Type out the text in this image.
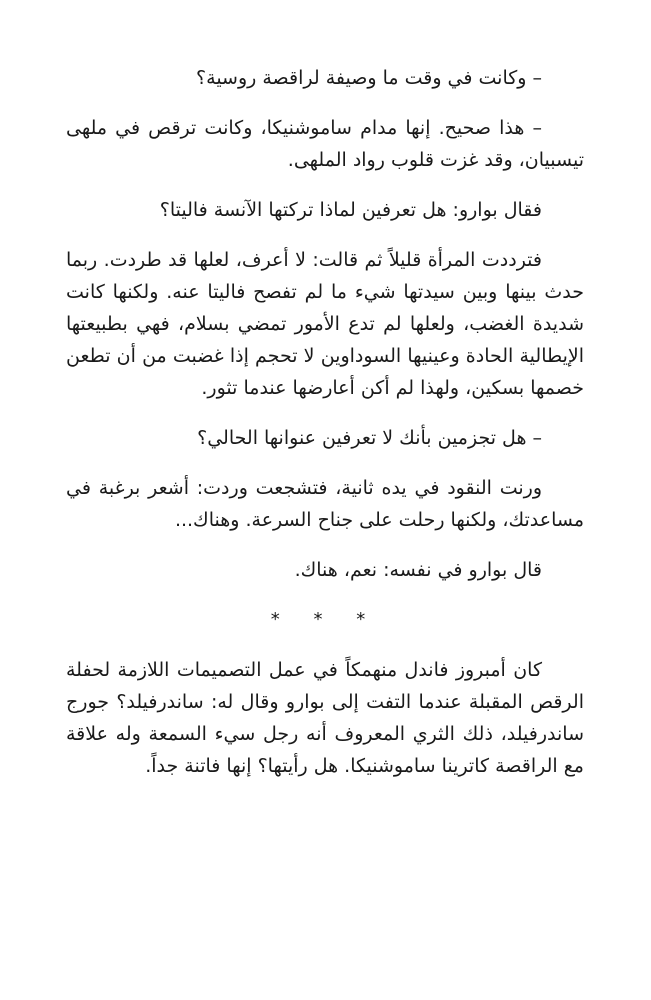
– وكانت في وقت ما وصيفة لراقصة روسية؟

– هذا صحيح. إنها مدام ساموشنيكا، وكانت ترقص في ملهى تيسبيان، وقد غزت قلوب رواد الملهى.

فقال بوارو: هل تعرفين لماذا تركتها الآنسة فاليتا؟

فترددت المرأة قليلاً ثم قالت: لا أعرف، لعلها قد طردت. ربما حدث بينها وبين سيدتها شيء ما لم تفصح فاليتا عنه. ولكنها كانت شديدة الغضب، ولعلها لم تدع الأمور تمضي بسلام، فهي بطبيعتها الإيطالية الحادة وعينيها السوداوين لا تحجم إذا غضبت من أن تطعن خصمها بسكين، ولهذا لم أكن أعارضها عندما تثور.

– هل تجزمين بأنك لا تعرفين عنوانها الحالي؟

ورنت النقود في يده ثانية، فتشجعت وردت: أشعر برغبة في مساعدتك، ولكنها رحلت على جناح السرعة. وهناك...

قال بوارو في نفسه: نعم، هناك.

* * *

كان أمبروز فاندل منهمكاً في عمل التصميمات اللازمة لحفلة الرقص المقبلة عندما التفت إلى بوارو وقال له: ساندرفيلد؟ جورج ساندرفيلد، ذلك الثري المعروف أنه رجل سيء السمعة وله علاقة مع الراقصة كاترينا ساموشنيكا. هل رأيتها؟ إنها فاتنة جداً.
